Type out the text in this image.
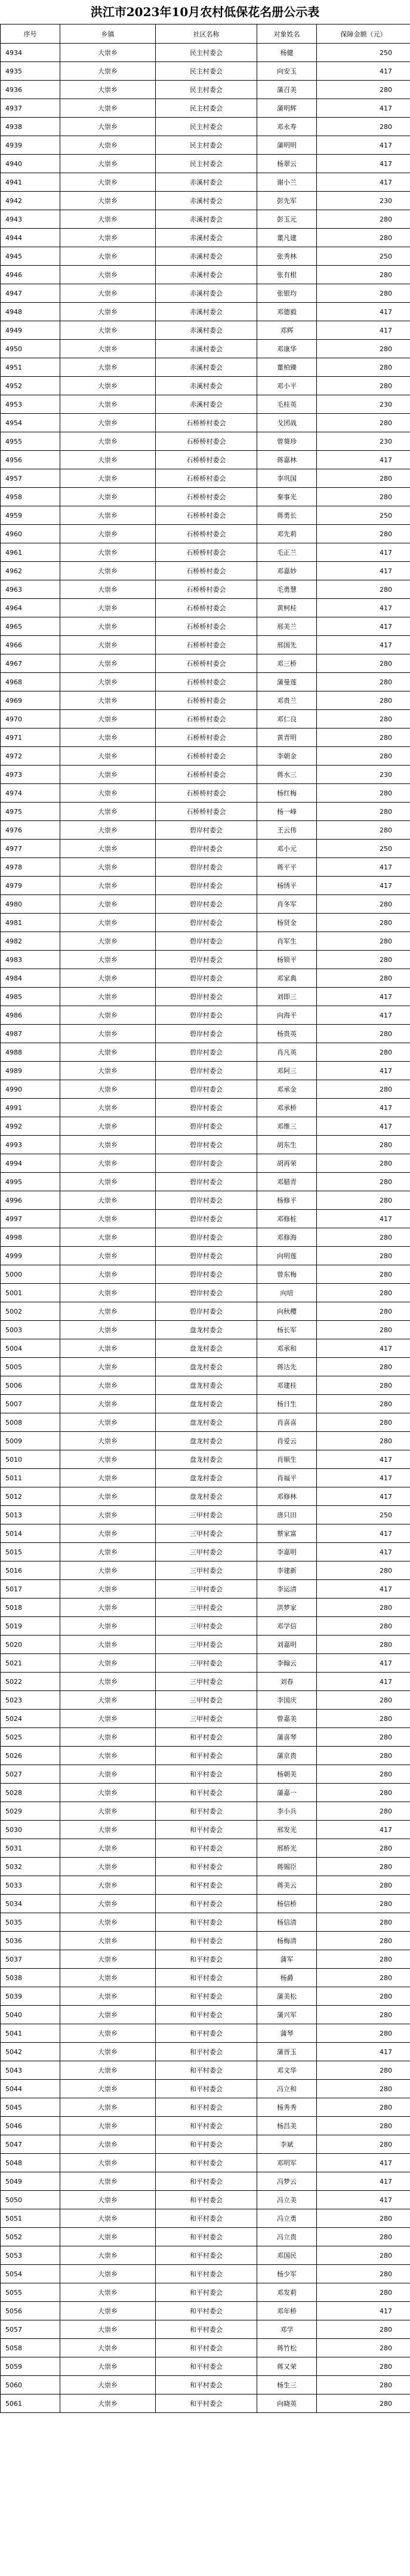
洪江市2023年10月农村低保花名册公示表
序号	乡镇	社区名称	对象姓名	保障金额（元）
4934	大崇乡	民主村委会	杨健	250
4935	大崇乡	民主村委会	向安玉	417
4936	大崇乡	民主村委会	蒲召美	280
4937	大崇乡	民主村委会	蒲明辉	417
4938	大崇乡	民主村委会	邓永寿	280
4939	大崇乡	民主村委会	蒲明明	417
4940	大崇乡	民主村委会	杨翠云	417
4941	大崇乡	赤溪村委会	谢小兰	417
4942	大崇乡	赤溪村委会	彭先军	230
4943	大崇乡	赤溪村委会	彭玉元	280
4944	大崇乡	赤溪村委会	董凡建	280
4945	大崇乡	赤溪村委会	张秀林	250
4946	大崇乡	赤溪村委会	张有根	280
4947	大崇乡	赤溪村委会	张银均	280
4948	大崇乡	赤溪村委会	邓德毅	417
4949	大崇乡	赤溪村委会	邓辉	417
4950	大崇乡	赤溪村委会	邓康华	280
4951	大崇乡	赤溪村委会	董柏臻	280
4952	大崇乡	赤溪村委会	邓小平	280
4953	大崇乡	赤溪村委会	毛桂英	230
4954	大崇乡	石桥桥村委会	戈团战	280
4955	大崇乡	石桥桥村委会	曾葵珍	230
4956	大崇乡	石桥桥村委会	蒋嘉林	417
4957	大崇乡	石桥桥村委会	李巩国	280
4958	大崇乡	石桥桥村委会	秦事光	280
4959	大崇乡	石桥桥村委会	蒋勇长	250
4960	大崇乡	石桥桥村委会	邓先莉	280
4961	大崇乡	石桥桥村委会	毛正兰	417
4962	大崇乡	石桥桥村委会	邓嘉妙	417
4963	大崇乡	石桥桥村委会	毛勇慧	280
4964	大崇乡	石桥桥村委会	黄柯桂	417
4965	大崇乡	石桥桥村委会	邢美兰	417
4966	大崇乡	石桥桥村委会	邢国先	417
4967	大崇乡	石桥桥村委会	邓三桥	280
4968	大崇乡	石桥桥村委会	蒲曼莲	280
4969	大崇乡	石桥桥村委会	邓贵兰	280
4970	大崇乡	石桥桥村委会	邓仁良	280
4971	大崇乡	石桥桥村委会	黄青明	280
4972	大崇乡	石桥桥村委会	李朝金	280
4973	大崇乡	石桥桥村委会	蒋水三	230
4974	大崇乡	石桥桥村委会	杨红梅	280
4975	大崇乡	石桥桥村委会	杨一峰	280
4976	大崇乡	碧岸村委会	王云伟	280
4977	大崇乡	碧岸村委会	邓小元	250
4978	大崇乡	碧岸村委会	蒋平平	417
4979	大崇乡	碧岸村委会	杨绣平	417
4980	大崇乡	碧岸村委会	肖冬军	280
4981	大崇乡	碧岸村委会	杨贤金	280
4982	大崇乡	碧岸村委会	肖军生	280
4983	大崇乡	碧岸村委会	杨锁平	280
4984	大崇乡	碧岸村委会	邓家典	280
4985	大崇乡	碧岸村委会	刘即三	417
4986	大崇乡	碧岸村委会	向海平	417
4987	大崇乡	碧岸村委会	杨贵英	280
4988	大崇乡	碧岸村委会	肖凡英	280
4989	大崇乡	碧岸村委会	邓阿三	417
4990	大崇乡	碧岸村委会	邓承金	280
4991	大崇乡	碧岸村委会	邓承桥	417
4992	大崇乡	碧岸村委会	邓维三	417
4993	大崇乡	碧岸村委会	胡东生	280
4994	大崇乡	碧岸村委会	胡再荣	280
4995	大崇乡	碧岸村委会	邓腊青	280
4996	大崇乡	碧岸村委会	杨修平	280
4997	大崇乡	碧岸村委会	邓修桩	417
4998	大崇乡	碧岸村委会	邓修海	280
4999	大崇乡	碧岸村委会	向明莲	280
5000	大崇乡	碧岸村委会	曾东梅	280
5001	大崇乡	碧岸村委会	向培	280
5002	大崇乡	碧岸村委会	向秋樱	280
5003	大崇乡	盘龙村委会	杨长军	280
5004	大崇乡	盘龙村委会	邓承和	417
5005	大崇乡	盘龙村委会	蒋达先	280
5006	大崇乡	盘龙村委会	邓建桂	280
5007	大崇乡	盘龙村委会	杨日生	280
5008	大崇乡	盘龙村委会	肖喜喜	280
5009	大崇乡	盘龙村委会	肖爱云	280
5010	大崇乡	盘龙村委会	肖顺生	417
5011	大崇乡	盘龙村委会	肖福平	417
5012	大崇乡	盘龙村委会	邓修林	417
5013	大崇乡	三甲村委会	唐只田	250
5014	大崇乡	三甲村委会	蔡家富	417
5015	大崇乡	三甲村委会	李嘉明	417
5016	大崇乡	三甲村委会	李建新	280
5017	大崇乡	三甲村委会	李运清	417
5018	大崇乡	三甲村委会	洪梦家	280
5019	大崇乡	三甲村委会	邓学信	280
5020	大崇乡	三甲村委会	刘嘉明	280
5021	大崇乡	三甲村委会	李翰云	417
5022	大崇乡	三甲村委会	刘春	417
5023	大崇乡	三甲村委会	李国庆	280
5024	大崇乡	三甲村委会	曾嘉美	280
5025	大崇乡	和平村委会	蒲喜琴	280
5026	大崇乡	和平村委会	蒲京贵	280
5027	大崇乡	和平村委会	杨朝美	280
5028	大崇乡	和平村委会	蒲嘉一	280
5029	大崇乡	和平村委会	李小兵	280
5030	大崇乡	和平村委会	邢发光	417
5031	大崇乡	和平村委会	邢桥光	280
5032	大崇乡	和平村委会	蒋锡臣	280
5033	大崇乡	和平村委会	蒋美云	280
5034	大崇乡	和平村委会	杨信桥	280
5035	大崇乡	和平村委会	杨信清	280
5036	大崇乡	和平村委会	杨梅清	280
5037	大崇乡	和平村委会	蒲军	280
5038	大崇乡	和平村委会	杨爵	280
5039	大崇乡	和平村委会	蒲美松	280
5040	大崇乡	和平村委会	蒲兴军	280
5041	大崇乡	和平村委会	蒲琴	280
5042	大崇乡	和平村委会	蒲晋玉	417
5043	大崇乡	和平村委会	邓文华	280
5044	大崇乡	和平村委会	冯立和	280
5045	大崇乡	和平村委会	杨秀秀	280
5046	大崇乡	和平村委会	杨昌美	280
5047	大崇乡	和平村委会	李斌	280
5048	大崇乡	和平村委会	邓明军	417
5049	大崇乡	和平村委会	冯梦云	417
5050	大崇乡	和平村委会	冯立美	417
5051	大崇乡	和平村委会	冯立勇	280
5052	大崇乡	和平村委会	冯立贵	280
5053	大崇乡	和平村委会	邓国民	280
5054	大崇乡	和平村委会	杨少军	280
5055	大崇乡	和平村委会	邓发莉	280
5056	大崇乡	和平村委会	邓年桥	417
5057	大崇乡	和平村委会	邓学	280
5058	大崇乡	和平村委会	蒋竹松	280
5059	大崇乡	和平村委会	蒋又荣	280
5060	大崇乡	和平村委会	杨生三	280
5061	大崇乡	和平村委会	向晓英	280
